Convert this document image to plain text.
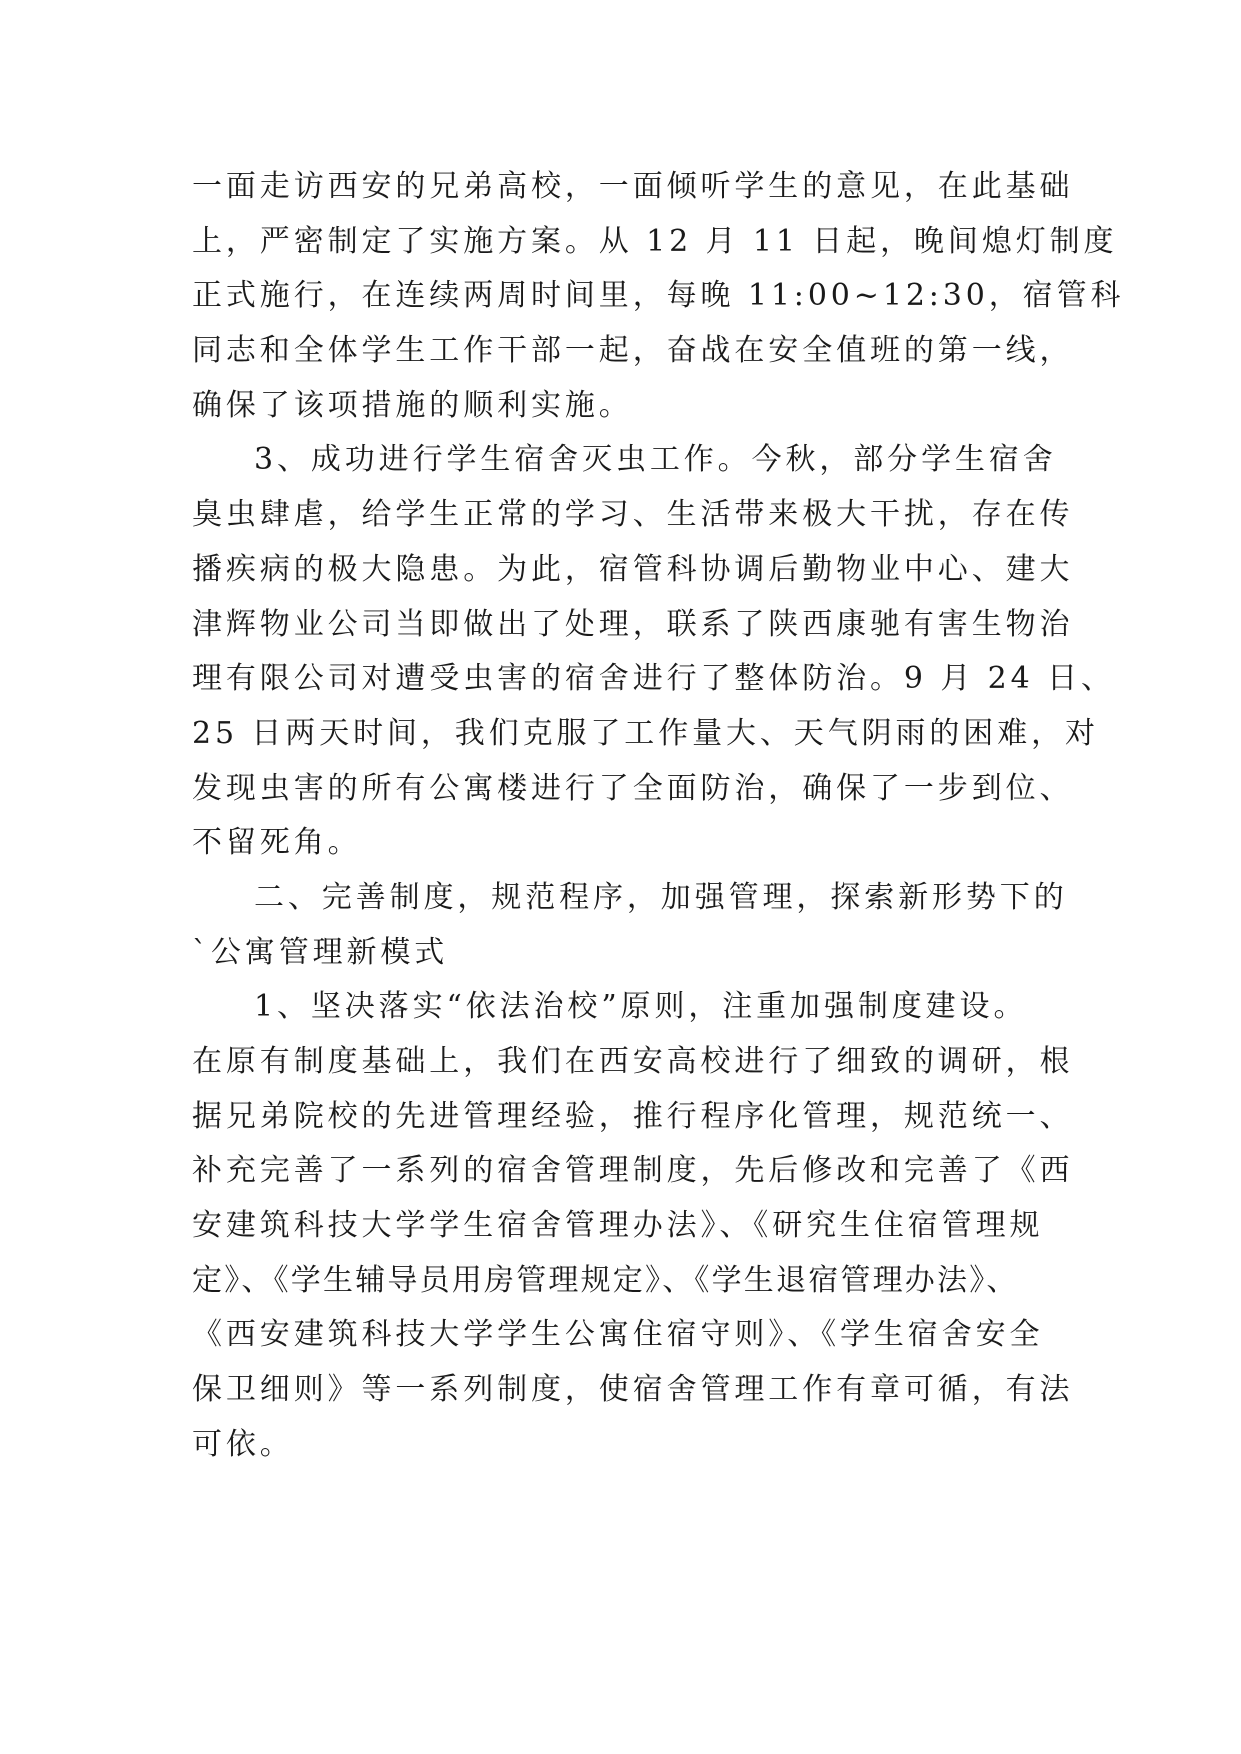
一面走访西安的兄弟高校，一面倾听学生的意见，在此基础
上，严密制定了实施方案。从 12 月 11 日起，晚间熄灯制度
正式施行，在连续两周时间里，每晚 11:00~12:30，宿管科
同志和全体学生工作干部一起，奋战在安全值班的第一线，
确保了该项措施的顺利实施。
3、成功进行学生宿舍灭虫工作。今秋，部分学生宿舍
臭虫肆虐，给学生正常的学习、生活带来极大干扰，存在传
播疾病的极大隐患。为此，宿管科协调后勤物业中心、建大
津辉物业公司当即做出了处理，联系了陕西康驰有害生物治
理有限公司对遭受虫害的宿舍进行了整体防治。9 月 24 日、
25 日两天时间，我们克服了工作量大、天气阴雨的困难，对
发现虫害的所有公寓楼进行了全面防治，确保了一步到位、
不留死角。
二、完善制度，规范程序，加强管理，探索新形势下的
`公寓管理新模式
1、坚决落实“依法治校”原则，注重加强制度建设。
在原有制度基础上，我们在西安高校进行了细致的调研，根
据兄弟院校的先进管理经验，推行程序化管理，规范统一、
补充完善了一系列的宿舍管理制度，先后修改和完善了《西
安建筑科技大学学生宿舍管理办法》、《研究生住宿管理规
定》、《学生辅导员用房管理规定》、《学生退宿管理办法》、
《西安建筑科技大学学生公寓住宿守则》、《学生宿舍安全
保卫细则》等一系列制度，使宿舍管理工作有章可循，有法
可依。
